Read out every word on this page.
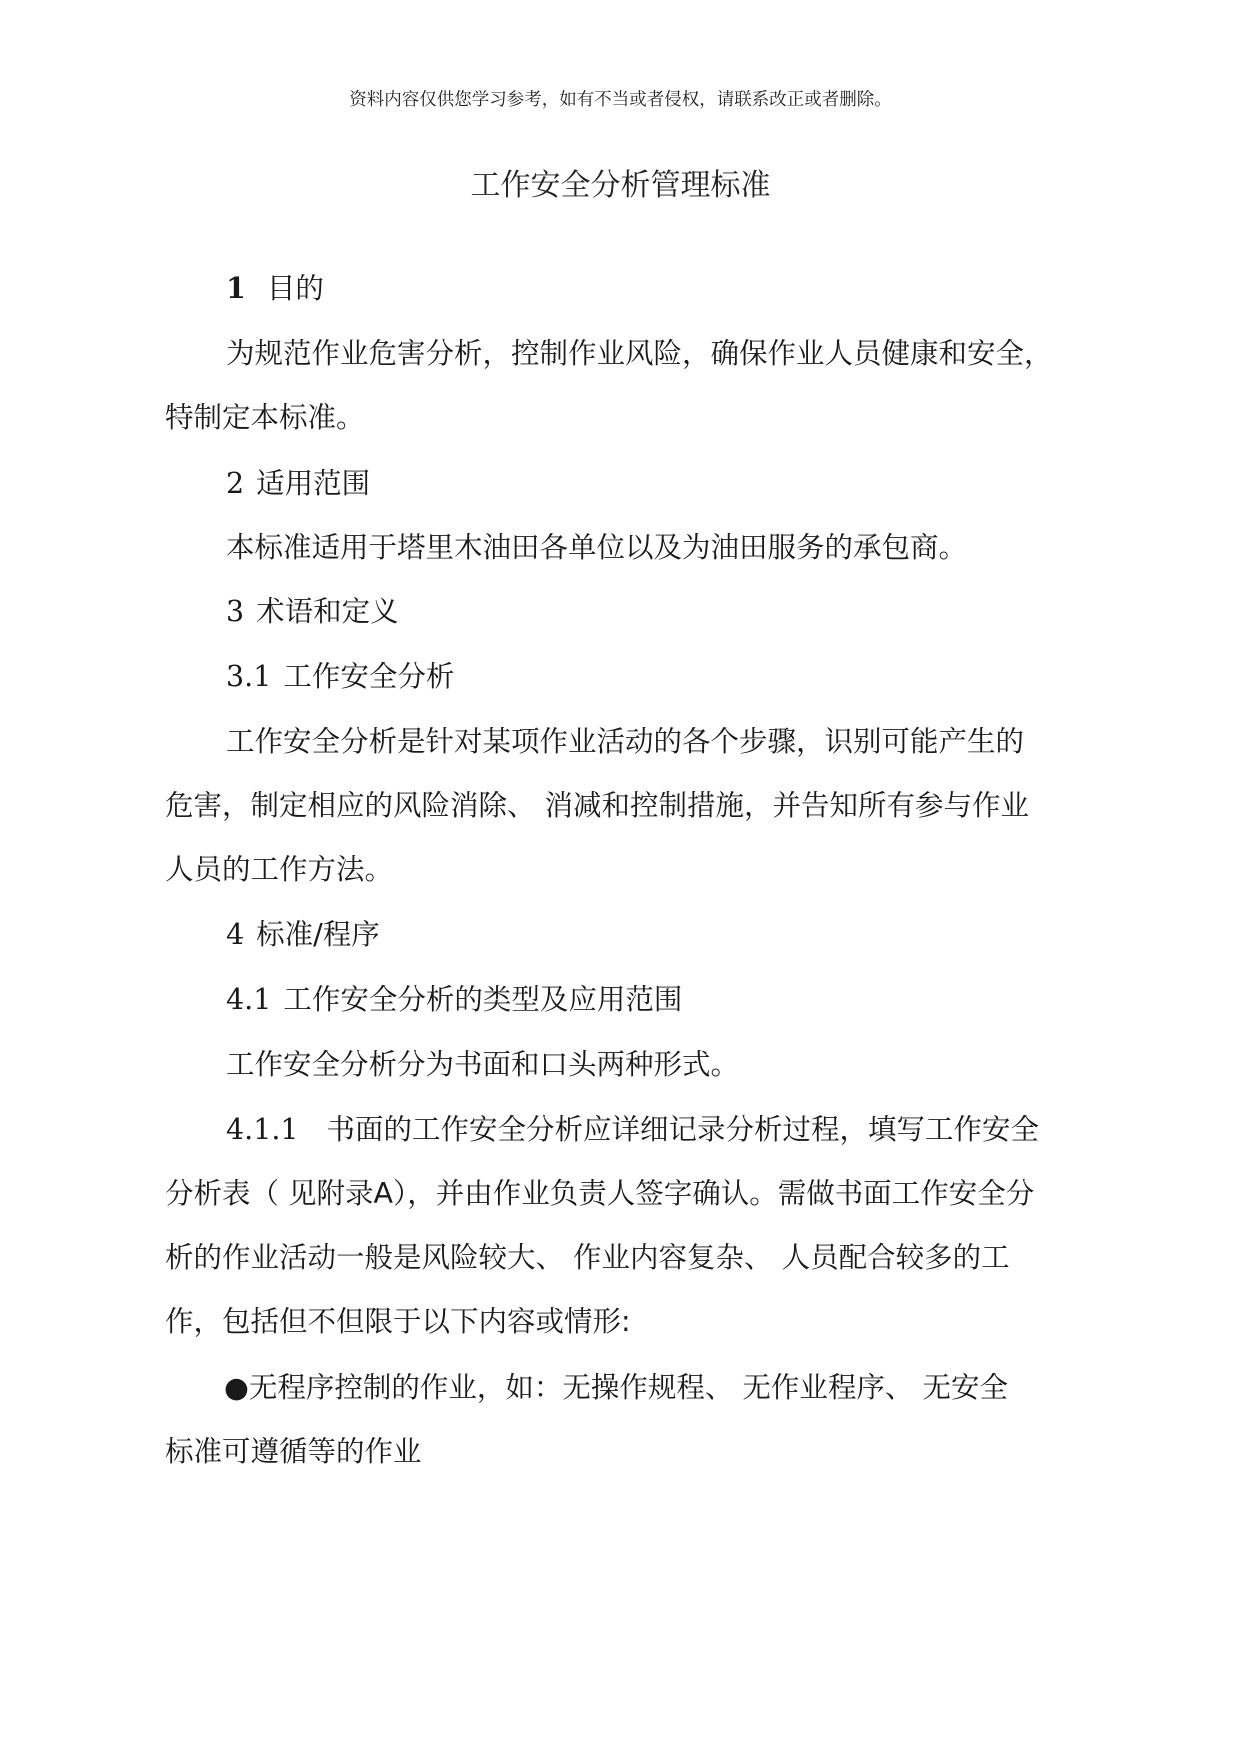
资料内容仅供您学习参考，如有不当或者侵权，请联系改正或者删除。
工作安全分析管理标准
1 目的
为规范作业危害分析，控制作业风险，确保作业人员健康和安全，
特制定本标准。
2 适用范围
本标准适用于塔里木油田各单位以及为油田服务的承包商。
3 术语和定义
3.1 工作安全分析
工作安全分析是针对某项作业活动的各个步骤，识别可能产生的
危害，制定相应的风险消除、 消减和控制措施，并告知所有参与作业
人员的工作方法。
4 标准/程序
4.1 工作安全分析的类型及应用范围
工作安全分析分为书面和口头两种形式。
4.1.1 书面的工作安全分析应详细记录分析过程，填写工作安全
分析表（ 见附录A），并由作业负责人签字确认。需做书面工作安全分
析的作业活动一般是风险较大、 作业内容复杂、 人员配合较多的工
作，包括但不但限于以下内容或情形:
●无程序控制的作业，如：无操作规程、 无作业程序、 无安全
标准可遵循等的作业
